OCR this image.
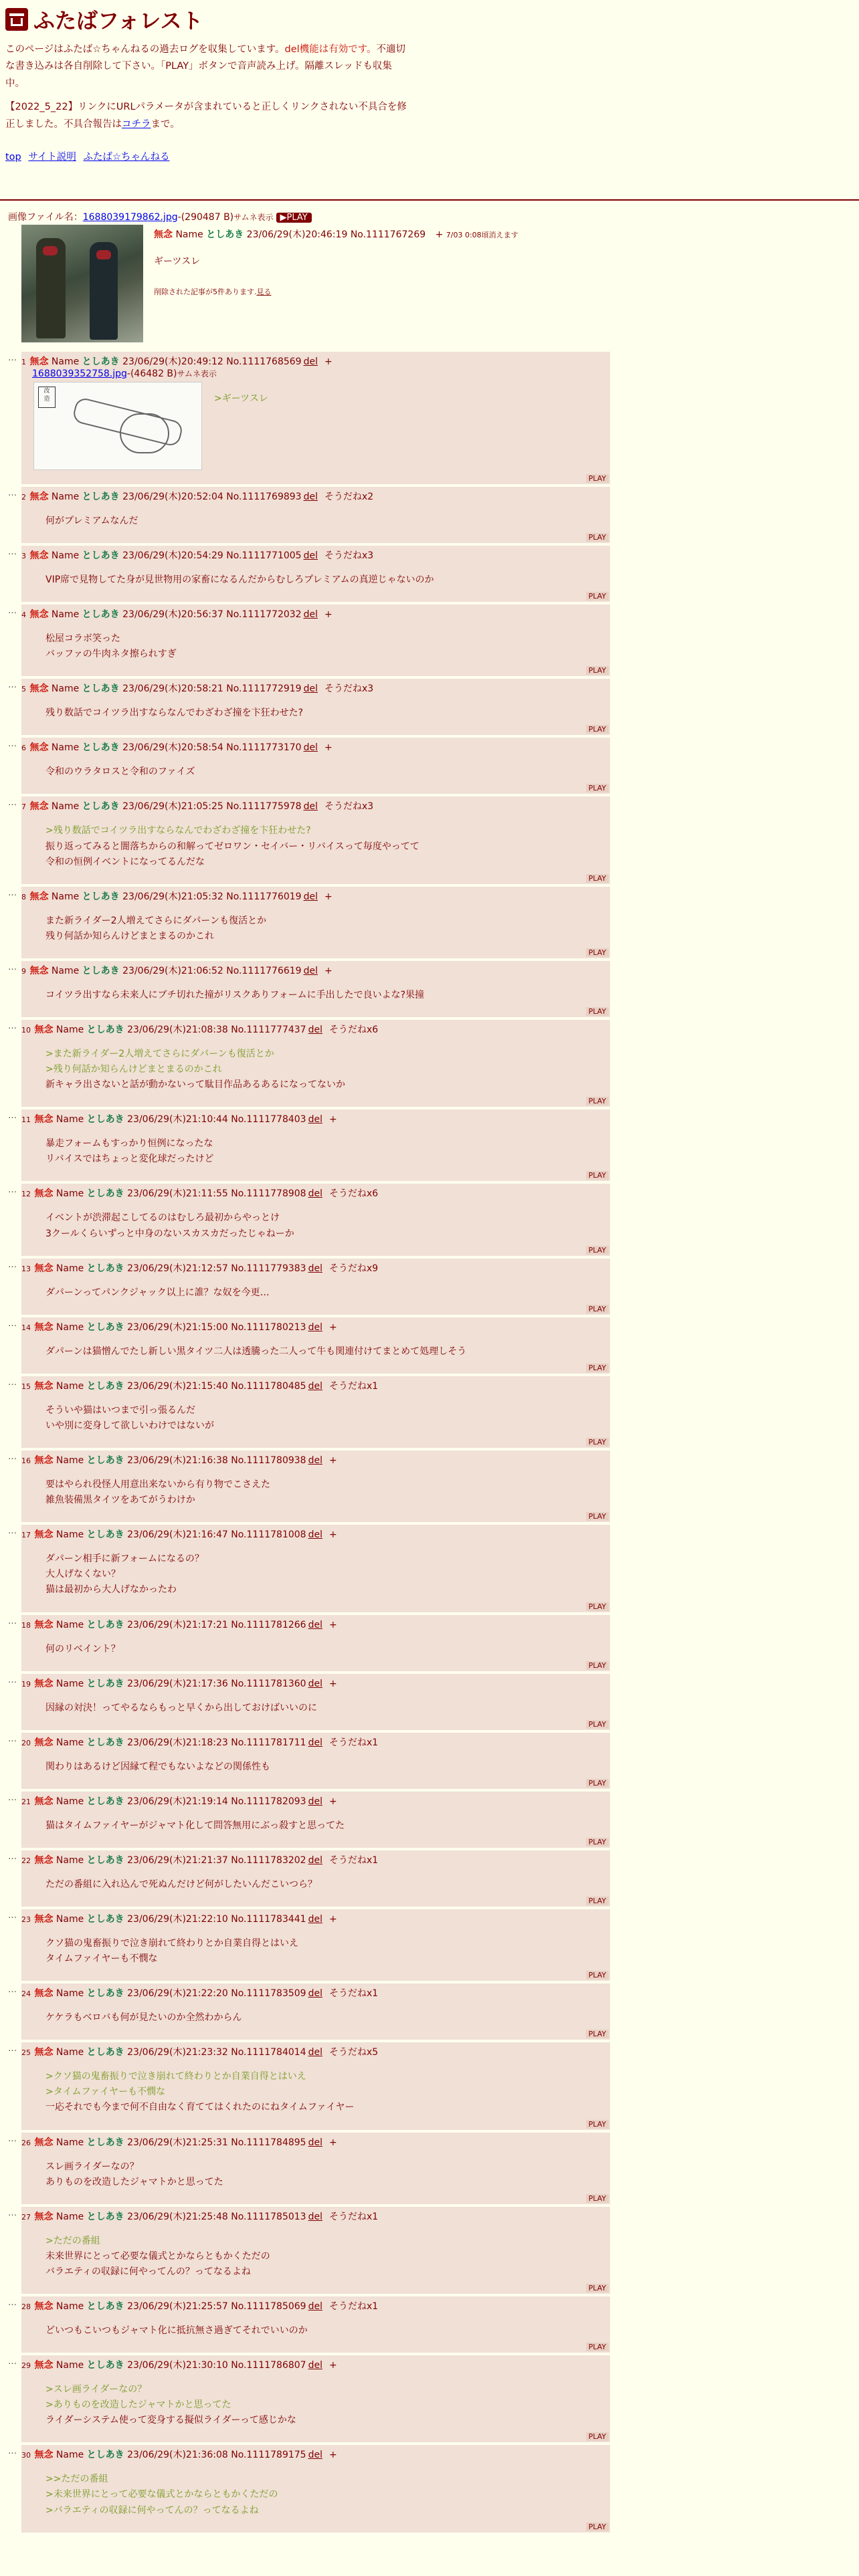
ふたばフォレスト

このページはふたば☆ちゃんねるの過去ログを収集しています。del機能は有効です。不適切な書き込みは各自削除して下さい。「PLAY」ボタンで音声読み上げ。隔離スレッドも収集中。

【2022_5_22】リンクにURLパラメータが含まれていると正しくリンクされない不具合を修正しました。不具合報告はコチラまで。

top サイト説明 ふたば☆ちゃんねる
画像ファイル名：1688039179862.jpg-(290487 B)サムネ表示 ▶PLAY
無念 Name としあき 23/06/29(木)20:46:19 No.1111767269 + 7/03 0:08頃消えます
ギーツスレ
削除された記事が5件あります.見る
… 1 無念 Name としあき 23/06/29(木)20:49:12 No.1111768569 del +
1688039352758.jpg-(46482 B)サムネ表示
改
造	>ギーツスレ
PLAY
… 2 無念 Name としあき 23/06/29(木)20:52:04 No.1111769893 del そうだねx2
何がプレミアムなんだ
PLAY
… 3 無念 Name としあき 23/06/29(木)20:54:29 No.1111771005 del そうだねx3
VIP席で見物してた身が見世物用の家畜になるんだからむしろプレミアムの真逆じゃないのか
PLAY
… 4 無念 Name としあき 23/06/29(木)20:56:37 No.1111772032 del +
松屋コラボ笑った
バッファの牛肉ネタ擦られすぎ
PLAY
… 5 無念 Name としあき 23/06/29(木)20:58:21 No.1111772919 del そうだねx3
残り数話でコイツラ出すならなんでわざわざ撞を卞狂わせた?
PLAY
… 6 無念 Name としあき 23/06/29(木)20:58:54 No.1111773170 del +
令和のウラタロスと令和のファイズ
PLAY
… 7 無念 Name としあき 23/06/29(木)21:05:25 No.1111775978 del そうだねx3
>残り数話でコイツラ出すならなんでわざわざ撞を卞狂わせた?
振り返ってみると闇落ちからの和解ってゼロワン・セイバー・リバイスって毎度やってて
令和の恒例イベントになってるんだな
PLAY
… 8 無念 Name としあき 23/06/29(木)21:05:32 No.1111776019 del +
また新ライダー2人増えてさらにダパーンも復活とか
残り何話か知らんけどまとまるのかこれ
PLAY
… 9 無念 Name としあき 23/06/29(木)21:06:52 No.1111776619 del +
コイツラ出すなら未来人にブチ切れた撞がリスクありフォームに手出したで良いよな?果撞
PLAY
… 10 無念 Name としあき 23/06/29(木)21:08:38 No.1111777437 del そうだねx6
>また新ライダー2人増えてさらにダパーンも復活とか
>残り何話か知らんけどまとまるのかこれ
新キャラ出さないと話が動かないって駄目作品あるあるになってないか
PLAY
… 11 無念 Name としあき 23/06/29(木)21:10:44 No.1111778403 del +
暴走フォームもすっかり恒例になったな
リバイスではちょっと変化球だったけど
PLAY
… 12 無念 Name としあき 23/06/29(木)21:11:55 No.1111778908 del そうだねx6
イベントが渋滞起こしてるのはむしろ最初からやっとけ
3クールくらいずっと中身のないスカスカだったじゃねーか
PLAY
… 13 無念 Name としあき 23/06/29(木)21:12:57 No.1111779383 del そうだねx9
ダパーンってパンクジャック以上に誰？な奴を今更…
PLAY
… 14 無念 Name としあき 23/06/29(木)21:15:00 No.1111780213 del +
ダパーンは猫憎んでたし新しい黒タイツ二人は透騰った二人って牛も関連付けてまとめて処理しそう
PLAY
… 15 無念 Name としあき 23/06/29(木)21:15:40 No.1111780485 del そうだねx1
そういや猫はいつまで引っ張るんだ
いや別に変身して欲しいわけではないが
PLAY
… 16 無念 Name としあき 23/06/29(木)21:16:38 No.1111780938 del +
要はやられ役怪人用意出来ないから有り物でこさえた
雑魚装備黒タイツをあてがうわけか
PLAY
… 17 無念 Name としあき 23/06/29(木)21:16:47 No.1111781008 del +
ダパーン相手に新フォームになるの？
大人げなくない？
猫は最初から大人げなかったわ
PLAY
… 18 無念 Name としあき 23/06/29(木)21:17:21 No.1111781266 del +
何のリベイント？
PLAY
… 19 無念 Name としあき 23/06/29(木)21:17:36 No.1111781360 del +
因縁の対決！ってやるならもっと早くから出しておけばいいのに
PLAY
… 20 無念 Name としあき 23/06/29(木)21:18:23 No.1111781711 del そうだねx1
関わりはあるけど因縁て程でもないよなどの関係性も
PLAY
… 21 無念 Name としあき 23/06/29(木)21:19:14 No.1111782093 del +
猫はタイムファイヤーがジャマト化して問答無用にぶっ殺すと思ってた
PLAY
… 22 無念 Name としあき 23/06/29(木)21:21:37 No.1111783202 del そうだねx1
ただの番組に入れ込んで死ぬんだけど何がしたいんだこいつら？
PLAY
… 23 無念 Name としあき 23/06/29(木)21:22:10 No.1111783441 del +
クソ猫の鬼畜振りで泣き崩れて終わりとか自業自得とはいえ
タイムファイヤーも不憫な
PLAY
… 24 無念 Name としあき 23/06/29(木)21:22:20 No.1111783509 del そうだねx1
ケケラもベロバも何が見たいのか全然わからん
PLAY
… 25 無念 Name としあき 23/06/29(木)21:23:32 No.1111784014 del そうだねx5
>クソ猫の鬼畜振りで泣き崩れて終わりとか自業自得とはいえ
>タイムファイヤーも不憫な
一応それでも今まで何不自由なく育ててはくれたのにねタイムファイヤー
PLAY
… 26 無念 Name としあき 23/06/29(木)21:25:31 No.1111784895 del +
スレ画ライダーなの？
ありものを改造したジャマトかと思ってた
PLAY
… 27 無念 Name としあき 23/06/29(木)21:25:48 No.1111785013 del そうだねx1
>ただの番組
未来世界にとって必要な儀式とかならともかくただの
バラエティの収録に何やってんの？ってなるよね
PLAY
… 28 無念 Name としあき 23/06/29(木)21:25:57 No.1111785069 del そうだねx1
どいつもこいつもジャマト化に抵抗無さ過ぎてそれでいいのか
PLAY
… 29 無念 Name としあき 23/06/29(木)21:30:10 No.1111786807 del +
>スレ画ライダーなの？
>ありものを改造したジャマトかと思ってた
ライダーシステム使って変身する擬似ライダーって感じかな
PLAY
… 30 無念 Name としあき 23/06/29(木)21:36:08 No.1111789175 del +
>>ただの番組
>未来世界にとって必要な儀式とかならともかくただの
>バラエティの収録に何やってんの？ってなるよね
PLAY
